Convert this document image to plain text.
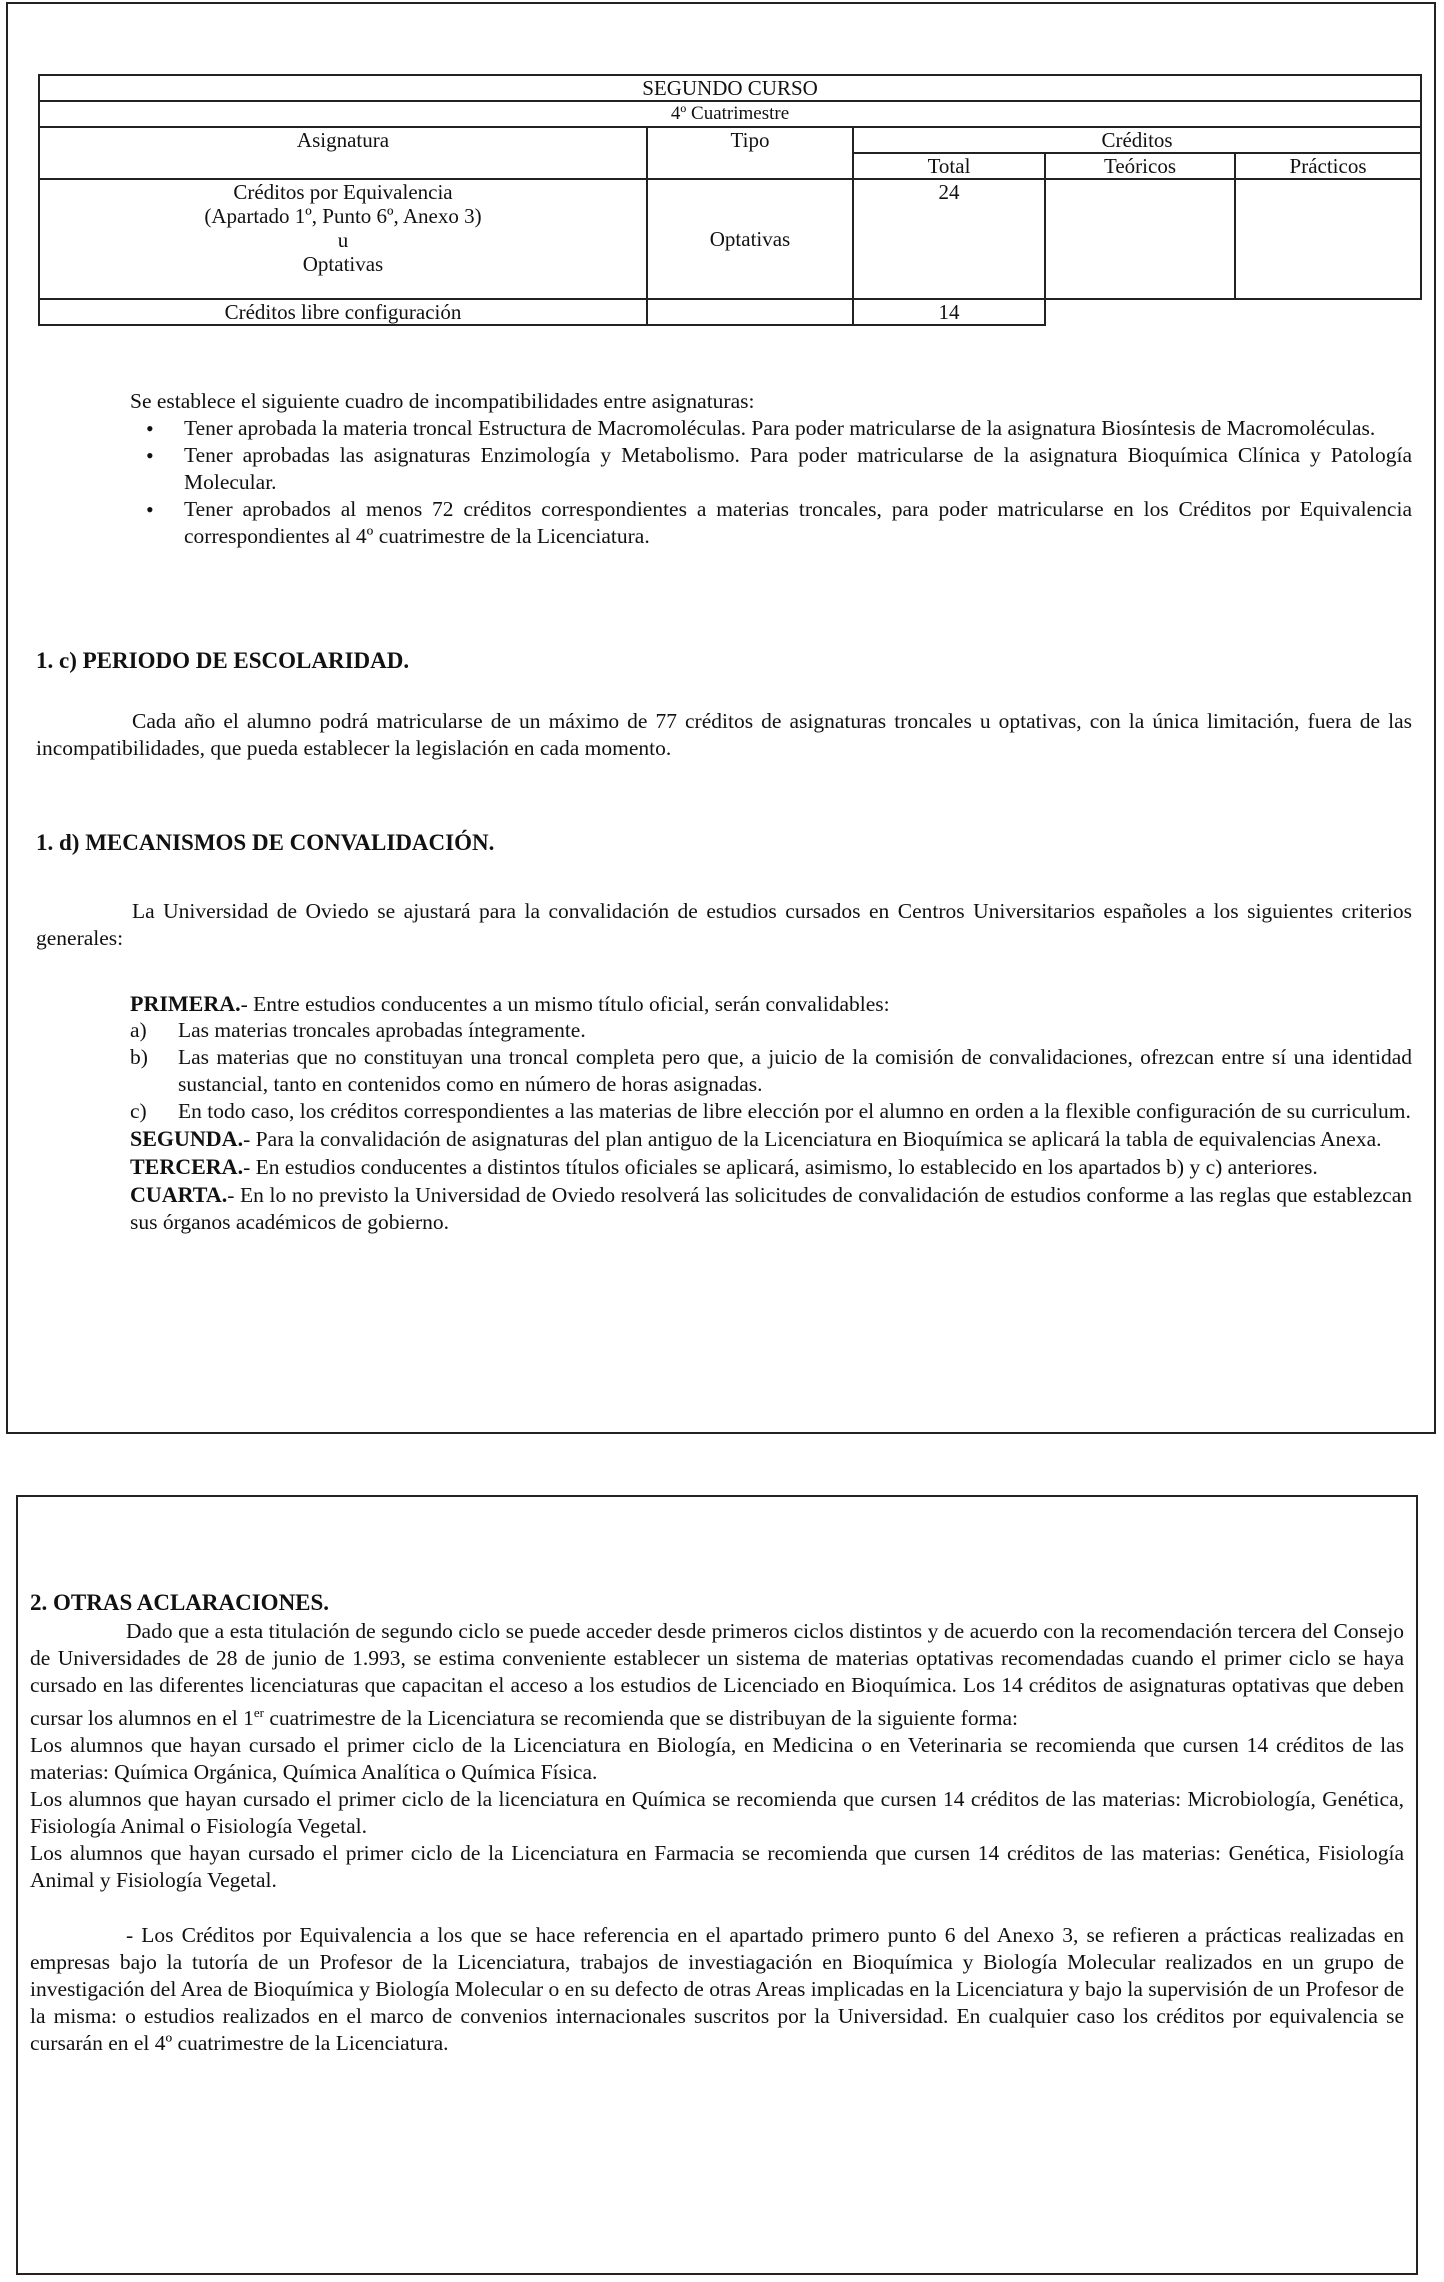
SEGUNDO CURSO				
4º Cuatrimestre				
Asignatura	Tipo	Créditos		
		Total	Teóricos	Prácticos

Créditos por Equivalencia
(Apartado 1º, Punto 6º, Anexo 3)
u
Optativas	Optativas	24		
Créditos libre configuración		14		

Se establece el siguiente cuadro de incompatibilidades entre asignaturas:

• Tener aprobada la materia troncal Estructura de Macromoléculas. Para poder matricularse de la asignatura Biosíntesis de Macromoléculas.
• Tener aprobadas las asignaturas Enzimología y Metabolismo. Para poder matricularse de la asignatura Bioquímica Clínica y Patología Molecular.
• Tener aprobados al menos 72 créditos correspondientes a materias troncales, para poder matricularse en los Créditos por Equivalencia correspondientes al 4º cuatrimestre de la Licenciatura.
1. c) PERIODO DE ESCOLARIDAD.
Cada año el alumno podrá matricularse de un máximo de 77 créditos de asignaturas troncales u optativas, con la única limitación, fuera de las incompatibilidades, que pueda establecer la legislación en cada momento.
1. d) MECANISMOS DE CONVALIDACIÓN.
La Universidad de Oviedo se ajustará para la convalidación de estudios cursados en Centros Universitarios españoles a los siguientes criterios generales:

PRIMERA.- Entre estudios conducentes a un mismo título oficial, serán convalidables:

a) Las materias troncales aprobadas íntegramente.
b) Las materias que no constituyan una troncal completa pero que, a juicio de la comisión de convalidaciones, ofrezcan entre sí una identidad sustancial, tanto en contenidos como en número de horas asignadas.
c) En todo caso, los créditos correspondientes a las materias de libre elección por el alumno en orden a la flexible configuración de su curriculum.

SEGUNDA.- Para la convalidación de asignaturas del plan antiguo de la Licenciatura en Bioquímica se aplicará la tabla de equivalencias Anexa.

TERCERA.- En estudios conducentes a distintos títulos oficiales se aplicará, asimismo, lo establecido en los apartados b) y c) anteriores.

CUARTA.- En lo no previsto la Universidad de Oviedo resolverá las solicitudes de convalidación de estudios conforme a las reglas que establezcan sus órganos académicos de gobierno.

2. OTRAS ACLARACIONES.

Dado que a esta titulación de segundo ciclo se puede acceder desde primeros ciclos distintos y de acuerdo con la recomendación tercera del Consejo de Universidades de 28 de junio de 1.993, se estima conveniente establecer un sistema de materias optativas recomendadas cuando el primer ciclo se haya cursado en las diferentes licenciaturas que capacitan el acceso a los estudios de Licenciado en Bioquímica. Los 14 créditos de asignaturas optativas que deben cursar los alumnos en el 1er cuatrimestre de la Licenciatura se recomienda que se distribuyan de la siguiente forma:

Los alumnos que hayan cursado el primer ciclo de la Licenciatura en Biología, en Medicina o en Veterinaria se recomienda que cursen 14 créditos de las materias: Química Orgánica, Química Analítica o Química Física.

Los alumnos que hayan cursado el primer ciclo de la licenciatura en Química se recomienda que cursen 14 créditos de las materias: Microbiología, Genética, Fisiología Animal o Fisiología Vegetal.

Los alumnos que hayan cursado el primer ciclo de la Licenciatura en Farmacia se recomienda que cursen 14 créditos de las materias: Genética, Fisiología Animal y Fisiología Vegetal.

- Los Créditos por Equivalencia a los que se hace referencia en el apartado primero punto 6 del Anexo 3, se refieren a prácticas realizadas en empresas bajo la tutoría de un Profesor de la Licenciatura, trabajos de investiagación en Bioquímica y Biología Molecular realizados en un grupo de investigación del Area de Bioquímica y Biología Molecular o en su defecto de otras Areas implicadas en la Licenciatura y bajo la supervisión de un Profesor de la misma: o estudios realizados en el marco de convenios internacionales suscritos por la Universidad. En cualquier caso los créditos por equivalencia se cursarán en el 4º cuatrimestre de la Licenciatura.
